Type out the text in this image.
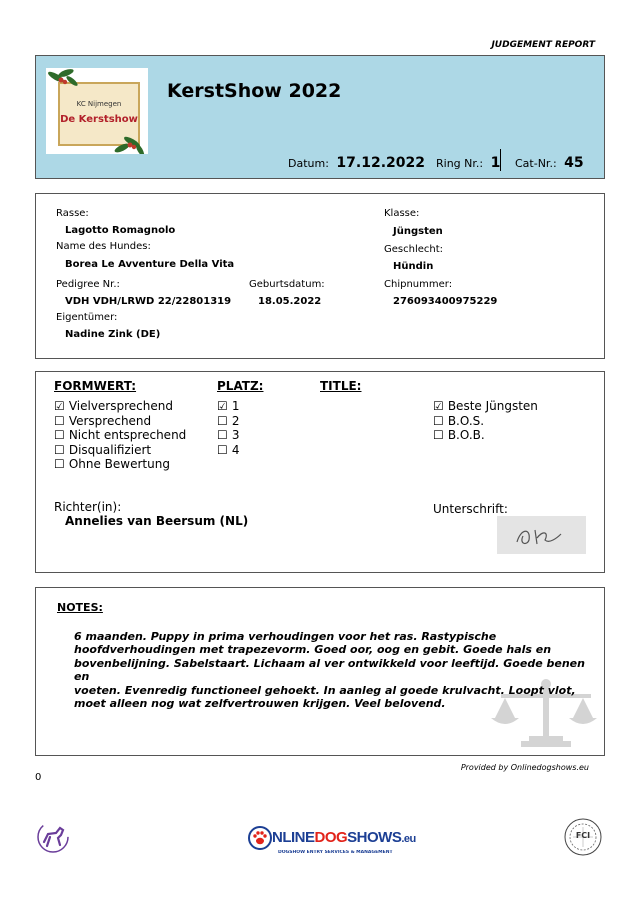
JUDGEMENT REPORT
KC Nijmegen
De Kerstshow
KerstShow 2022
Datum: 17.12.2022 Ring Nr.: 1 Cat-Nr.: 45
Rasse:
Lagotto Romagnolo
Name des Hundes:
Borea Le Avventure Della Vita
Pedigree Nr.:
VDH VDH/LRWD 22/22801319
Geburtsdatum:
18.05.2022
Eigentümer:
Nadine Zink (DE)
Klasse:
Jüngsten
Geschlecht:
Hündin
Chipnummer:
276093400975229
FORMWERT:	PLATZ:	TITLE:
☑ Vielversprechend
☐ Versprechend
☐ Nicht entsprechend
☐ Disqualifiziert
☐ Ohne Bewertung
☑ 1
☐ 2
☐ 3
☐ 4
☑ Beste Jüngsten
☐ B.O.S.
☐ B.O.B.
Richter(in):
Annelies van Beersum (NL)
Unterschrift:
NOTES:
6 maanden. Puppy in prima verhoudingen voor het ras. Rastypische
hoofdverhoudingen met trapezevorm. Goed oor, oog en gebit. Goede hals en
bovenbelijning. Sabelstaart. Lichaam al ver ontwikkeld voor leeftijd. Goede benen en
voeten. Evenredig functioneel gehoekt. In aanleg al goede krulvacht. Loopt vlot,
moet alleen nog wat zelfvertrouwen krijgen. Veel belovend.
Provided by Onlinedogshows.eu
0
NLINEDOGSHOWS.eu
DOGSHOW ENTRY SERVICES & MANAGEMENT
FCI
